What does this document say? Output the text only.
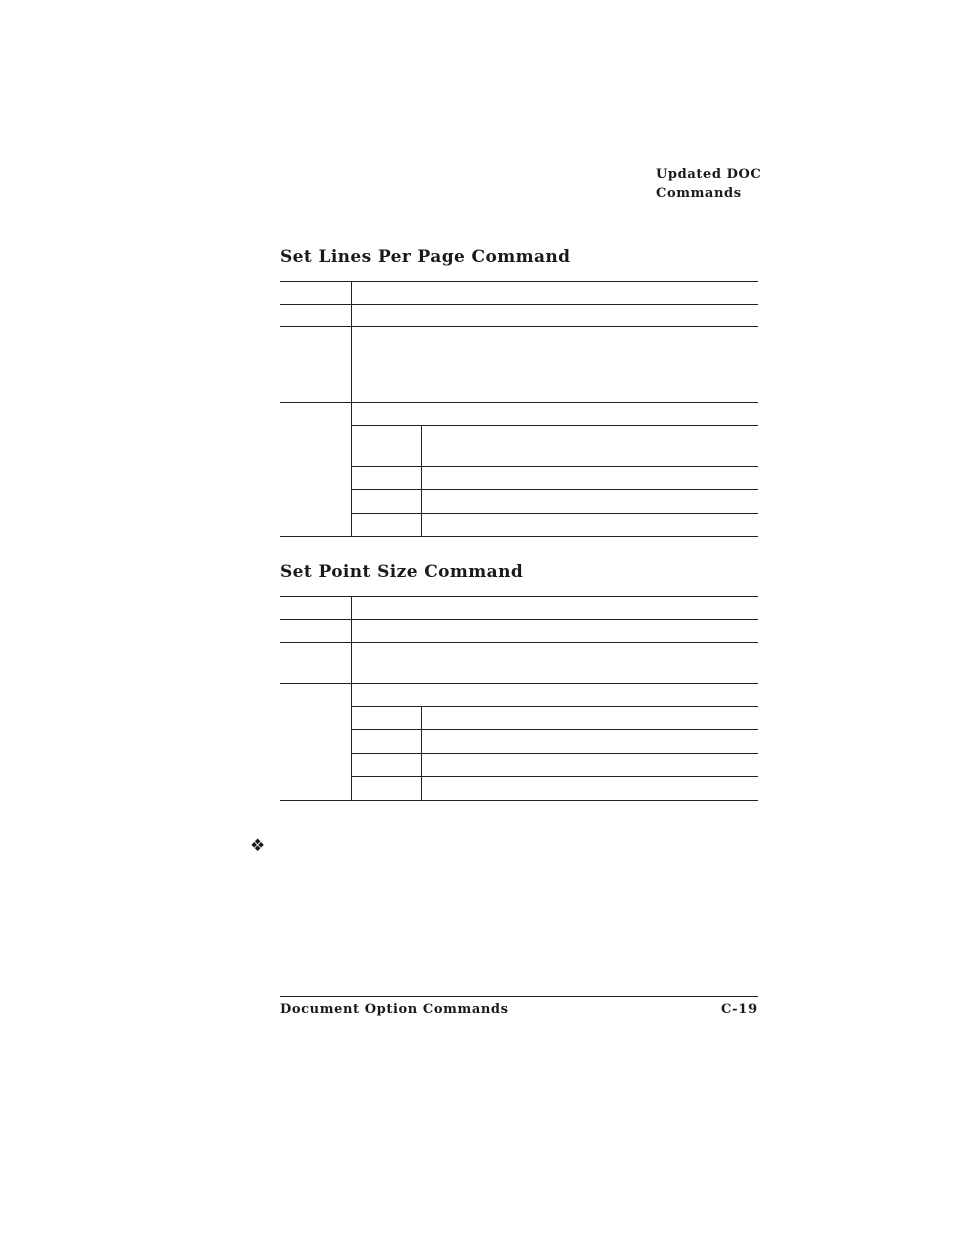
Updated DOC
Commands
Set Lines Per Page Command
Set Point Size Command
❖
Document Option Commands	C-19
